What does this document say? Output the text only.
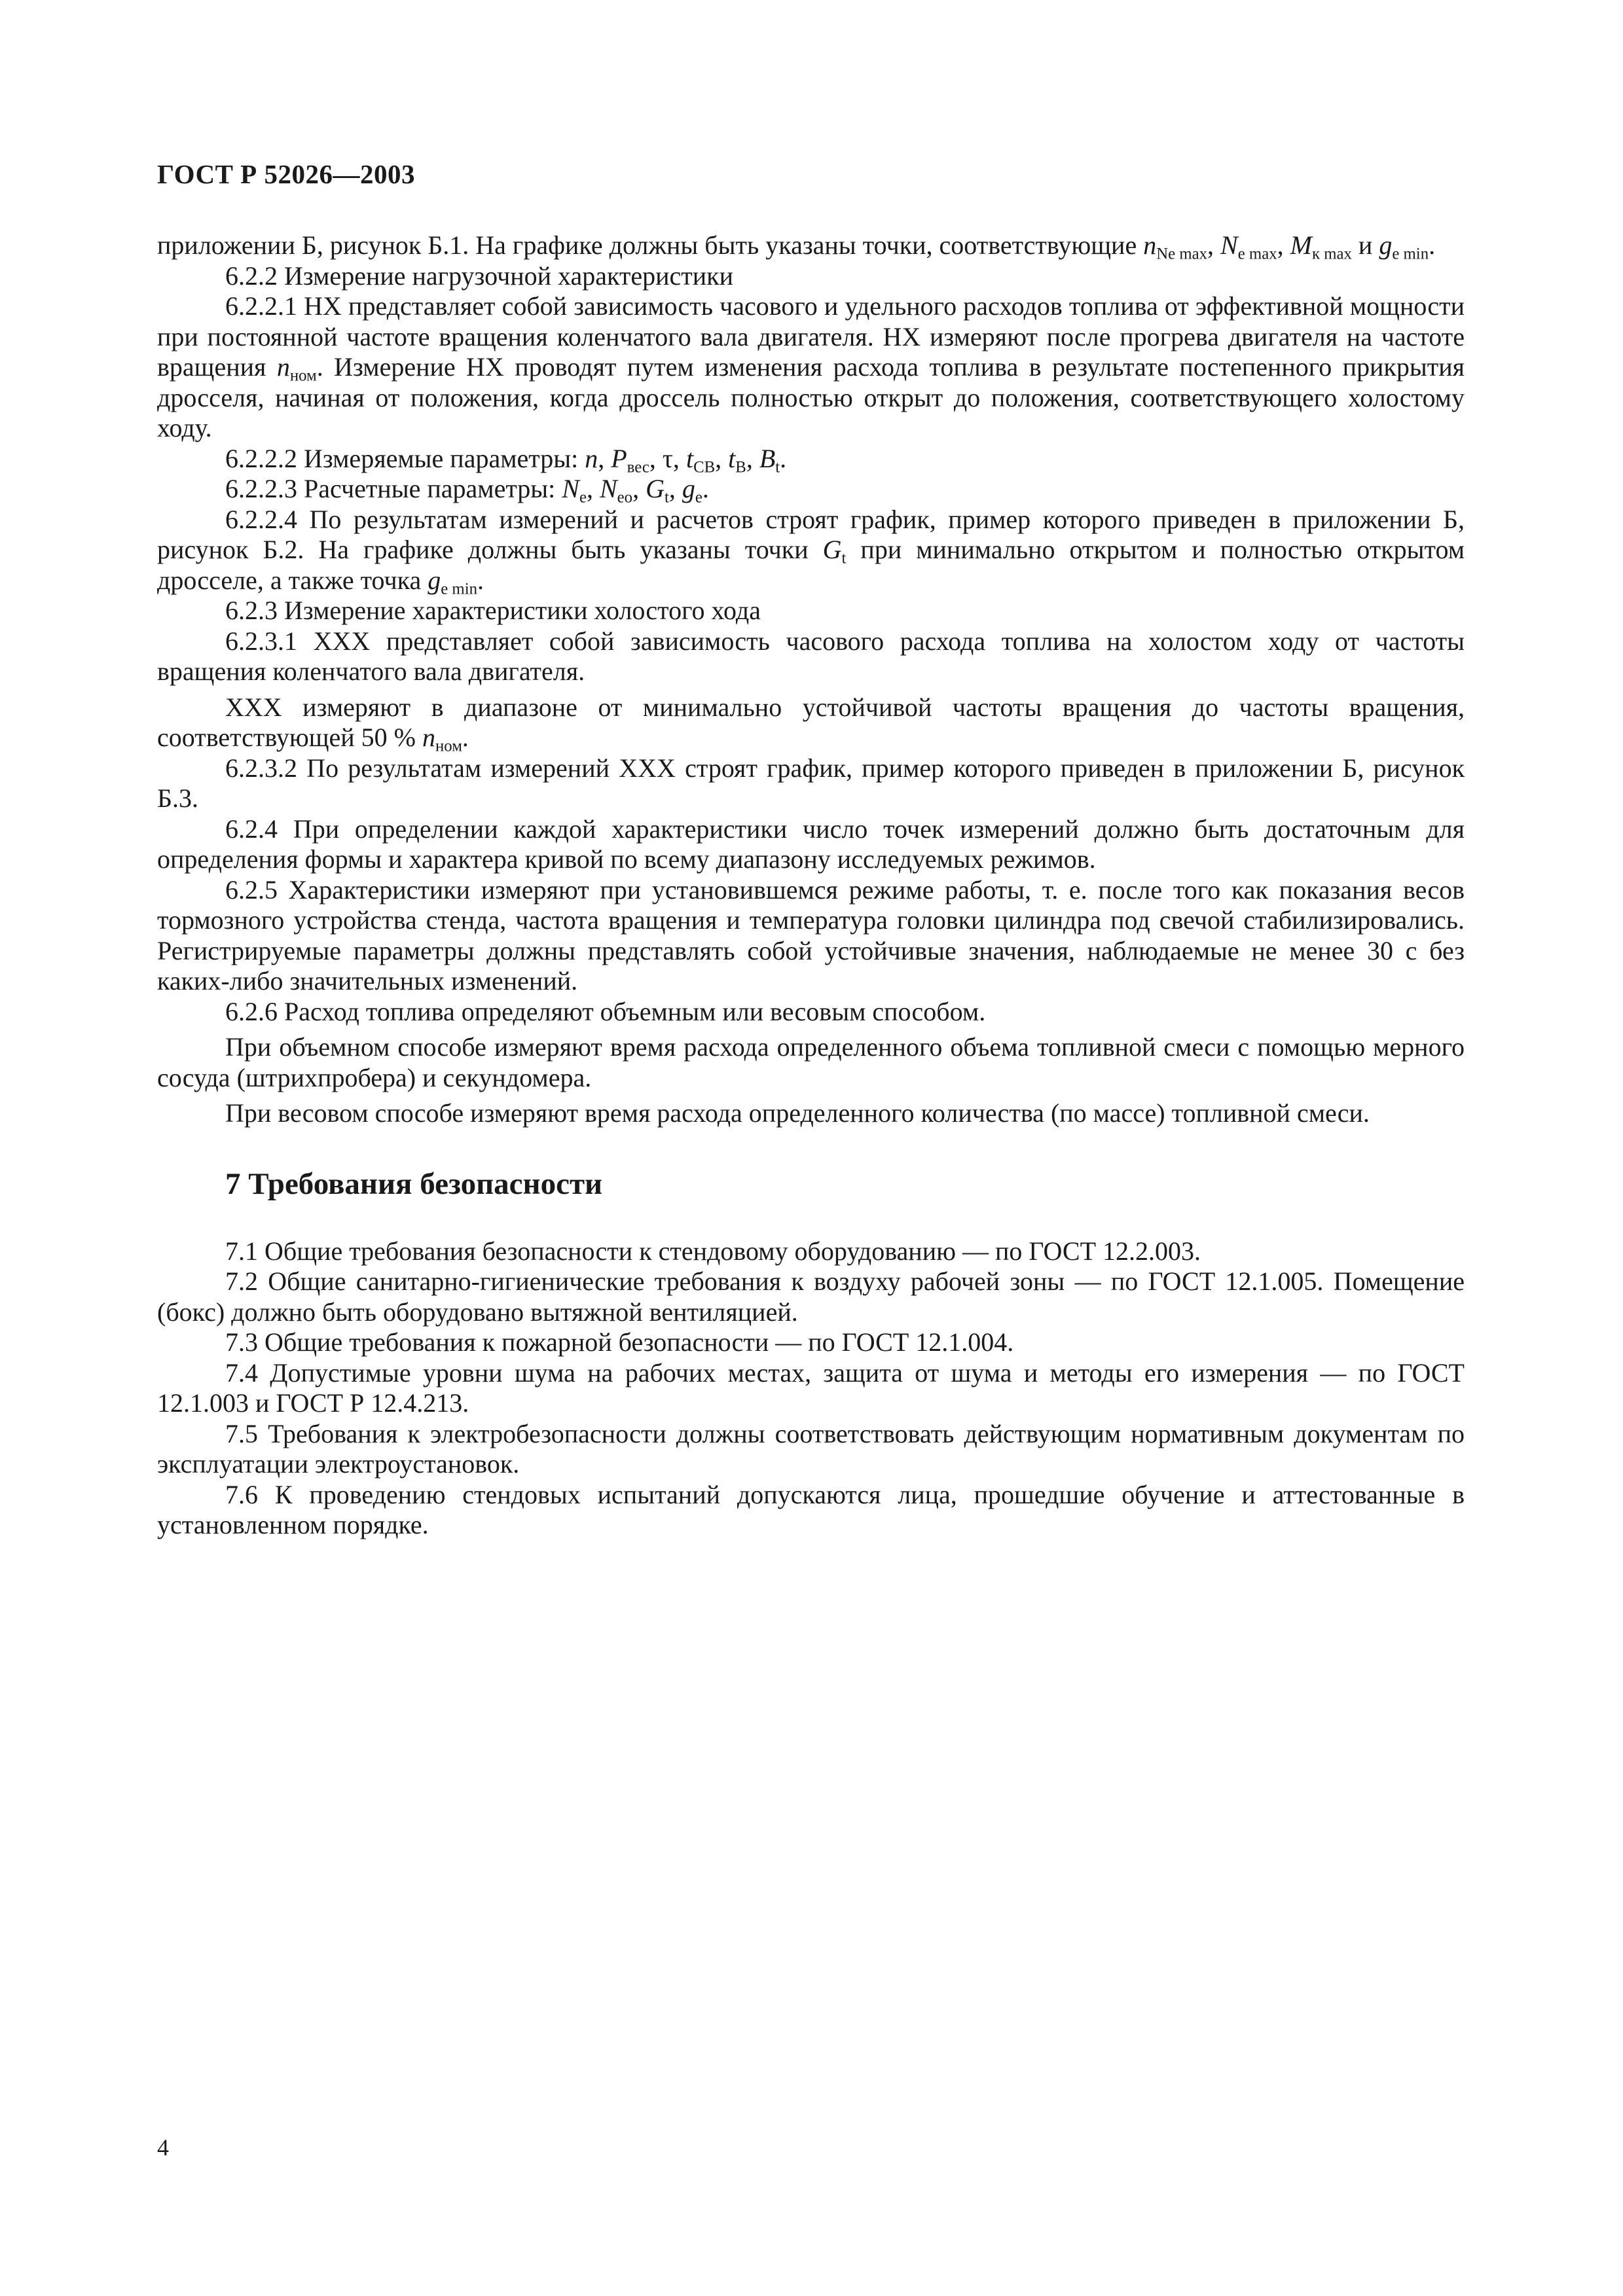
ГОСТ Р 52026—2003

приложении Б, рисунок Б.1. На графике должны быть указаны точки, соответствующие $n_{Ne max}$, $N_{e max}$, $M_{к max}$ и $g_{e min}$.

6.2.2 Измерение нагрузочной характеристики

6.2.2.1 НХ представляет собой зависимость часового и удельного расходов топлива от эффективной мощности при постоянной частоте вращения коленчатого вала двигателя. НХ измеряют после прогрева двигателя на частоте вращения $n_{ном}$. Измерение НХ проводят путем изменения расхода топлива в результате постепенного прикрытия дросселя, начиная от положения, когда дроссель полностью открыт до положения, соответствующего холостому ходу.

6.2.2.2 Измеряемые параметры: n, $P_{вес}$, τ, $t_{СВ}$, $t_В$, $B_t$.

6.2.2.3 Расчетные параметры: $N_e$, $N_{eo}$, $G_t$, $g_e$.

6.2.2.4 По результатам измерений и расчетов строят график, пример которого приведен в приложении Б, рисунок Б.2. На графике должны быть указаны точки $G_t$ при минимально открытом и полностью открытом дросселе, а также точка $g_{e min}$.

6.2.3 Измерение характеристики холостого хода

6.2.3.1 ХХХ представляет собой зависимость часового расхода топлива на холостом ходу от частоты вращения коленчатого вала двигателя.

ХХХ измеряют в диапазоне от минимально устойчивой частоты вращения до частоты вращения, соответствующей 50 % $n_{ном}$.

6.2.3.2 По результатам измерений ХХХ строят график, пример которого приведен в приложении Б, рисунок Б.3.

6.2.4 При определении каждой характеристики число точек измерений должно быть достаточным для определения формы и характера кривой по всему диапазону исследуемых режимов.

6.2.5 Характеристики измеряют при установившемся режиме работы, т. е. после того как показания весов тормозного устройства стенда, частота вращения и температура головки цилиндра под свечой стабилизировались. Регистрируемые параметры должны представлять собой устойчивые значения, наблюдаемые не менее 30 с без каких-либо значительных изменений.

6.2.6 Расход топлива определяют объемным или весовым способом.

При объемном способе измеряют время расхода определенного объема топливной смеси с помощью мерного сосуда (штрихпробера) и секундомера.

При весовом способе измеряют время расхода определенного количества (по массе) топливной смеси.

7 Требования безопасности

7.1 Общие требования безопасности к стендовому оборудованию — по ГОСТ 12.2.003.

7.2 Общие санитарно-гигиенические требования к воздуху рабочей зоны — по ГОСТ 12.1.005. Помещение (бокс) должно быть оборудовано вытяжной вентиляцией.

7.3 Общие требования к пожарной безопасности — по ГОСТ 12.1.004.

7.4 Допустимые уровни шума на рабочих местах, защита от шума и методы его измерения — по ГОСТ 12.1.003 и ГОСТ Р 12.4.213.

7.5 Требования к электробезопасности должны соответствовать действующим нормативным документам по эксплуатации электроустановок.

7.6 К проведению стендовых испытаний допускаются лица, прошедшие обучение и аттестованные в установленном порядке.

4
